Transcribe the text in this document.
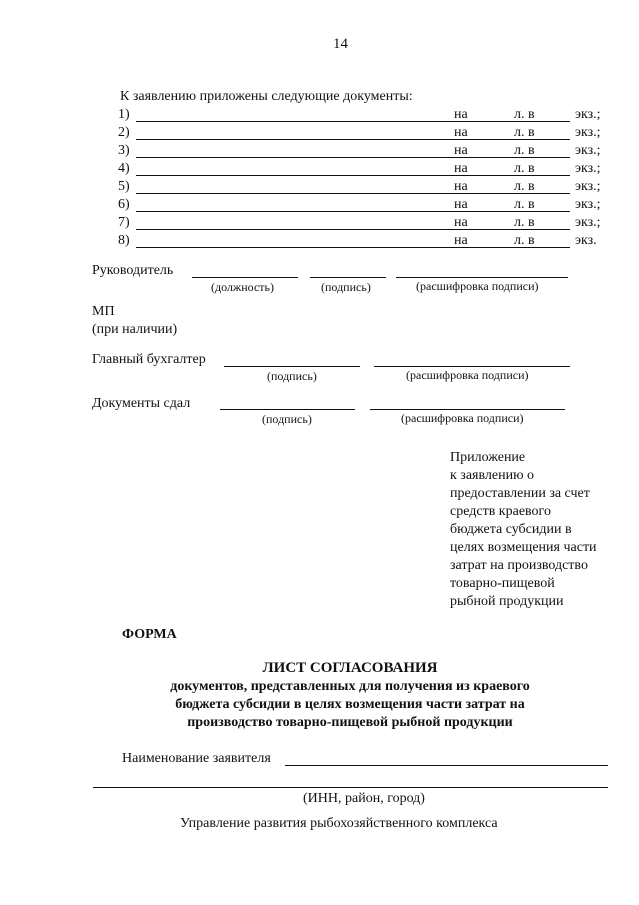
14
К заявлению приложены следующие документы:
1)	на	л. в	экз.;
2)	на	л. в	экз.;
3)	на	л. в	экз.;
4)	на	л. в	экз.;
5)	на	л. в	экз.;
6)	на	л. в	экз.;
7)	на	л. в	экз.;
8)	на	л. в	экз.
Руководитель
(должность)	(подпись)	(расшифровка подписи)
МП
(при наличии)
Главный бухгалтер
(подпись)	(расшифровка подписи)
Документы сдал
(подпись)	(расшифровка подписи)
Приложение
к заявлению о
предоставлении за счет
средств краевого
бюджета субсидии в
целях возмещения части
затрат на производство
товарно-пищевой
рыбной продукции
ФОРМА
ЛИСТ СОГЛАСОВАНИЯ
документов, представленных для получения из краевого
бюджета субсидии в целях возмещения части затрат на
производство товарно-пищевой рыбной продукции
Наименование заявителя
(ИНН, район, город)
Управление развития рыбохозяйственного комплекса
